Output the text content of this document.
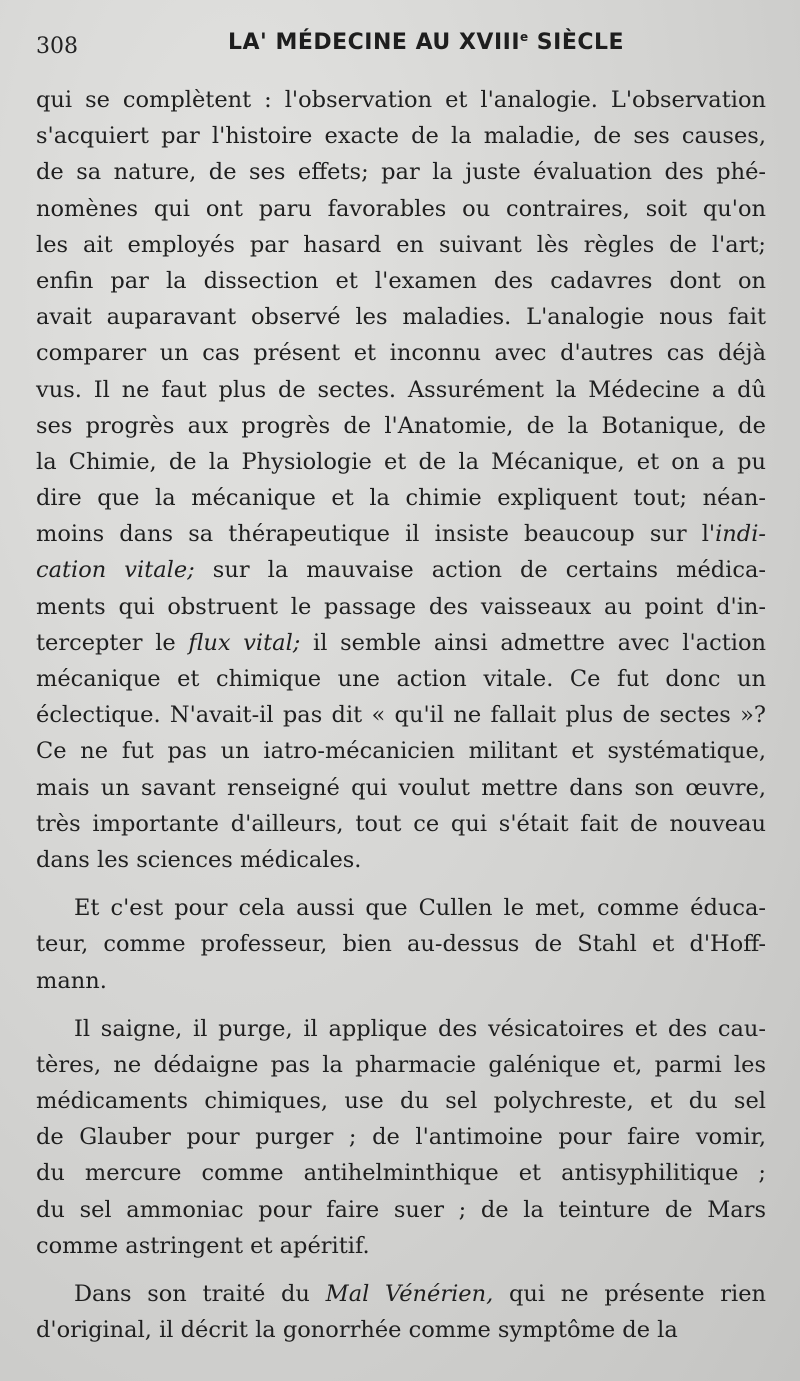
308	LA' MÉDECINE AU XVIIIe SIÈCLE
qui se complètent : l'observation et l'analogie. L'observation
s'acquiert par l'histoire exacte de la maladie, de ses causes,
de sa nature, de ses effets; par la juste évaluation des phé-
nomènes qui ont paru favorables ou contraires, soit qu'on
les ait employés par hasard en suivant lès règles de l'art;
enfin par la dissection et l'examen des cadavres dont on
avait auparavant observé les maladies. L'analogie nous fait
comparer un cas présent et inconnu avec d'autres cas déjà
vus. Il ne faut plus de sectes. Assurément la Médecine a dû
ses progrès aux progrès de l'Anatomie, de la Botanique, de
la Chimie, de la Physiologie et de la Mécanique, et on a pu
dire que la mécanique et la chimie expliquent tout; néan-
moins dans sa thérapeutique il insiste beaucoup sur l'indi-
cation vitale; sur la mauvaise action de certains médica-
ments qui obstruent le passage des vaisseaux au point d'in-
tercepter le flux vital; il semble ainsi admettre avec l'action
mécanique et chimique une action vitale. Ce fut donc un
éclectique. N'avait-il pas dit « qu'il ne fallait plus de sectes »?
Ce ne fut pas un iatro-mécanicien militant et systématique,
mais un savant renseigné qui voulut mettre dans son œuvre,
très importante d'ailleurs, tout ce qui s'était fait de nouveau
dans les sciences médicales.
Et c'est pour cela aussi que Cullen le met, comme éduca-
teur, comme professeur, bien au-dessus de Stahl et d'Hoff-
mann.
Il saigne, il purge, il applique des vésicatoires et des cau-
tères, ne dédaigne pas la pharmacie galénique et, parmi les
médicaments chimiques, use du sel polychreste, et du sel
de Glauber pour purger ; de l'antimoine pour faire vomir,
du mercure comme antihelminthique et antisyphilitique ;
du sel ammoniac pour faire suer ; de la teinture de Mars
comme astringent et apéritif.
Dans son traité du Mal Vénérien, qui ne présente rien
d'original, il décrit la gonorrhée comme symptôme de la
